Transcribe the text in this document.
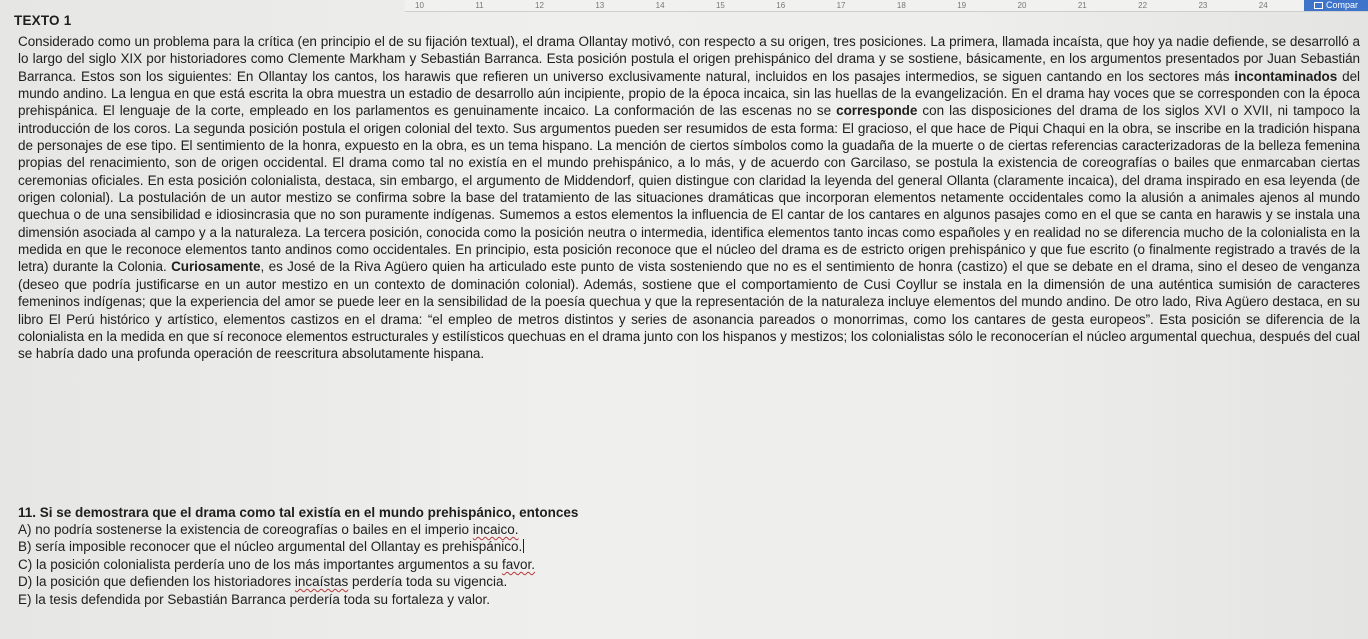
10	11	12	13	14	15	16	17	18	19	20	21	22	23	24	Compar
TEXTO 1

Considerado como un problema para la crítica (en principio el de su fijación textual), el drama Ollantay motivó, con respecto a su origen, tres posiciones. La primera, llamada incaísta, que hoy ya nadie defiende, se desarrolló a lo largo del siglo XIX por historiadores como Clemente Markham y Sebastián Barranca. Esta posición postula el origen prehispánico del drama y se sostiene, básicamente, en los argumentos presentados por Juan Sebastián Barranca. Estos son los siguientes: En Ollantay los cantos, los harawis que refieren un universo exclusivamente natural, incluidos en los pasajes intermedios, se siguen cantando en los sectores más incontaminados del mundo andino. La lengua en que está escrita la obra muestra un estadio de desarrollo aún incipiente, propio de la época incaica, sin las huellas de la evangelización. En el drama hay voces que se corresponden con la época prehispánica. El lenguaje de la corte, empleado en los parlamentos es genuinamente incaico. La conformación de las escenas no se corresponde con las disposiciones del drama de los siglos XVI o XVII, ni tampoco la introducción de los coros. La segunda posición postula el origen colonial del texto. Sus argumentos pueden ser resumidos de esta forma: El gracioso, el que hace de Piqui Chaqui en la obra, se inscribe en la tradición hispana de personajes de ese tipo. El sentimiento de la honra, expuesto en la obra, es un tema hispano. La mención de ciertos símbolos como la guadaña de la muerte o de ciertas referencias caracterizadoras de la belleza femenina propias del renacimiento, son de origen occidental. El drama como tal no existía en el mundo prehispánico, a lo más, y de acuerdo con Garcilaso, se postula la existencia de coreografías o bailes que enmarcaban ciertas ceremonias oficiales. En esta posición colonialista, destaca, sin embargo, el argumento de Middendorf, quien distingue con claridad la leyenda del general Ollanta (claramente incaica), del drama inspirado en esa leyenda (de origen colonial). La postulación de un autor mestizo se confirma sobre la base del tratamiento de las situaciones dramáticas que incorporan elementos netamente occidentales como la alusión a animales ajenos al mundo quechua o de una sensibilidad e idiosincrasia que no son puramente indígenas. Sumemos a estos elementos la influencia de El cantar de los cantares en algunos pasajes como en el que se canta en harawis y se instala una dimensión asociada al campo y a la naturaleza. La tercera posición, conocida como la posición neutra o intermedia, identifica elementos tanto incas como españoles y en realidad no se diferencia mucho de la colonialista en la medida en que le reconoce elementos tanto andinos como occidentales. En principio, esta posición reconoce que el núcleo del drama es de estricto origen prehispánico y que fue escrito (o finalmente registrado a través de la letra) durante la Colonia. Curiosamente, es José de la Riva Agüero quien ha articulado este punto de vista sosteniendo que no es el sentimiento de honra (castizo) el que se debate en el drama, sino el deseo de venganza (deseo que podría justificarse en un autor mestizo en un contexto de dominación colonial). Además, sostiene que el comportamiento de Cusi Coyllur se instala en la dimensión de una auténtica sumisión de caracteres femeninos indígenas; que la experiencia del amor se puede leer en la sensibilidad de la poesía quechua y que la representación de la naturaleza incluye elementos del mundo andino. De otro lado, Riva Agüero destaca, en su libro El Perú histórico y artístico, elementos castizos en el drama: “el empleo de metros distintos y series de asonancia pareados o monorrimas, como los cantares de gesta europeos”. Esta posición se diferencia de la colonialista en la medida en que sí reconoce elementos estructurales y estilísticos quechuas en el drama junto con los hispanos y mestizos; los colonialistas sólo le reconocerían el núcleo argumental quechua, después del cual se habría dado una profunda operación de reescritura absolutamente hispana.

11. Si se demostrara que el drama como tal existía en el mundo prehispánico, entonces
A) no podría sostenerse la existencia de coreografías o bailes en el imperio incaico.
B) sería imposible reconocer que el núcleo argumental del Ollantay es prehispánico.
C) la posición colonialista perdería uno de los más importantes argumentos a su favor.
D) la posición que defienden los historiadores incaístas perdería toda su vigencia.
E) la tesis defendida por Sebastián Barranca perdería toda su fortaleza y valor.
